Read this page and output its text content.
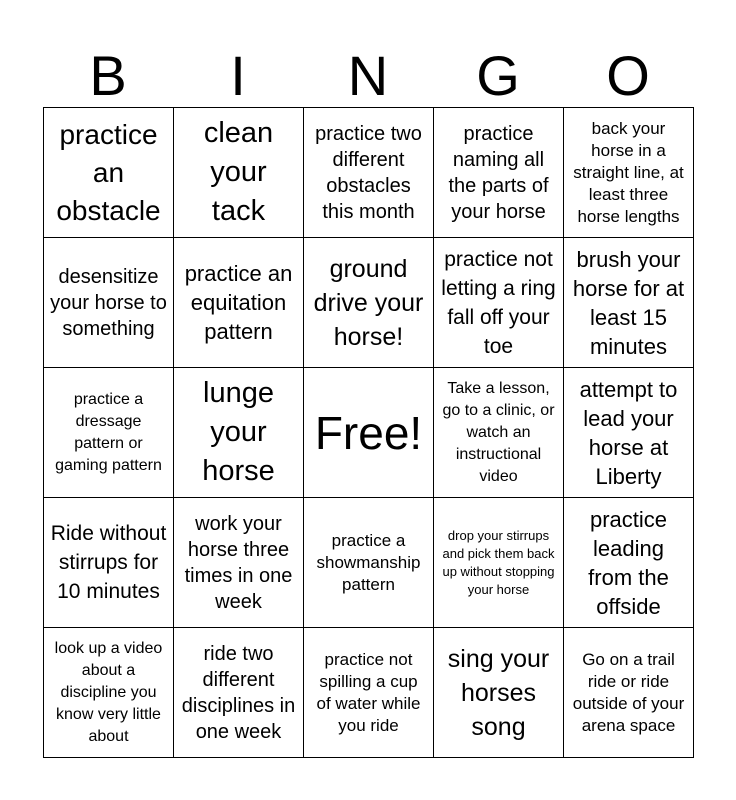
B	I	N	G	O
practice an obstacle	clean your tack	practice two different obstacles this month	practice naming all the parts of your horse	back your horse in a straight line, at least three horse lengths

desensitize your horse to something	practice an equitation pattern	ground drive your horse!	practice not letting a ring fall off your toe	brush your horse for at least 15 minutes

practice a dressage pattern or gaming pattern	lunge your horse	Free!	Take a lesson, go to a clinic, or watch an instructional video	attempt to lead your horse at Liberty

Ride without stirrups for 10 minutes	work your horse three times in one week	practice a showmanship pattern	drop your stirrups and pick them back up without stopping your horse	practice leading from the offside

look up a video about a discipline you know very little about	ride two different disciplines in one week	practice not spilling a cup of water while you ride	sing your horses song	Go on a trail ride or ride outside of your arena space
